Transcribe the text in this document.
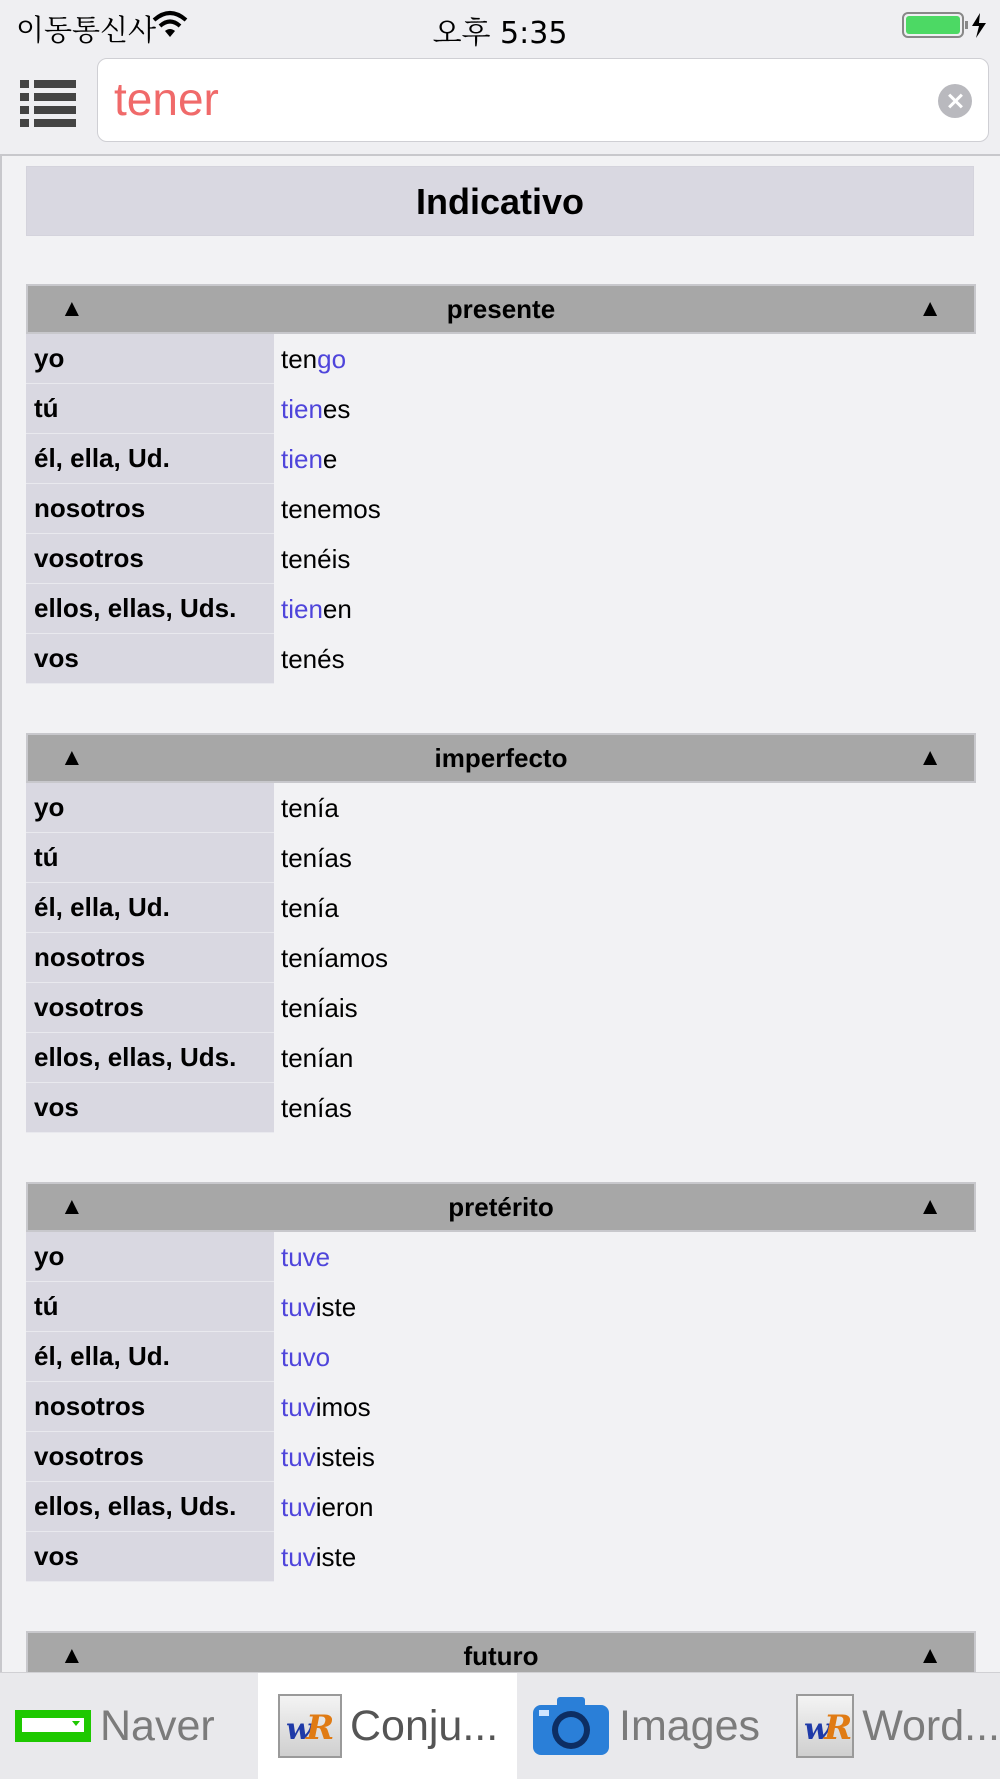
이동통신사	오후 5:35
tener
Indicativo
▲	presente	▲
yo	tengo
tú	tienes
él, ella, Ud.	tiene
nosotros	tenemos
vosotros	tenéis
ellos, ellas, Uds.	tienen
vos	tenés
▲	imperfecto	▲
yo	tenía
tú	tenías
él, ella, Ud.	tenía
nosotros	teníamos
vosotros	teníais
ellos, ellas, Uds.	tenían
vos	tenías
▲	pretérito	▲
yo	tuve
tú	tuviste
él, ella, Ud.	tuvo
nosotros	tuvimos
vosotros	tuvisteis
ellos, ellas, Uds.	tuvieron
vos	tuviste
▲	futuro	▲
Naver w
R Conju...	Images w
R Word...
